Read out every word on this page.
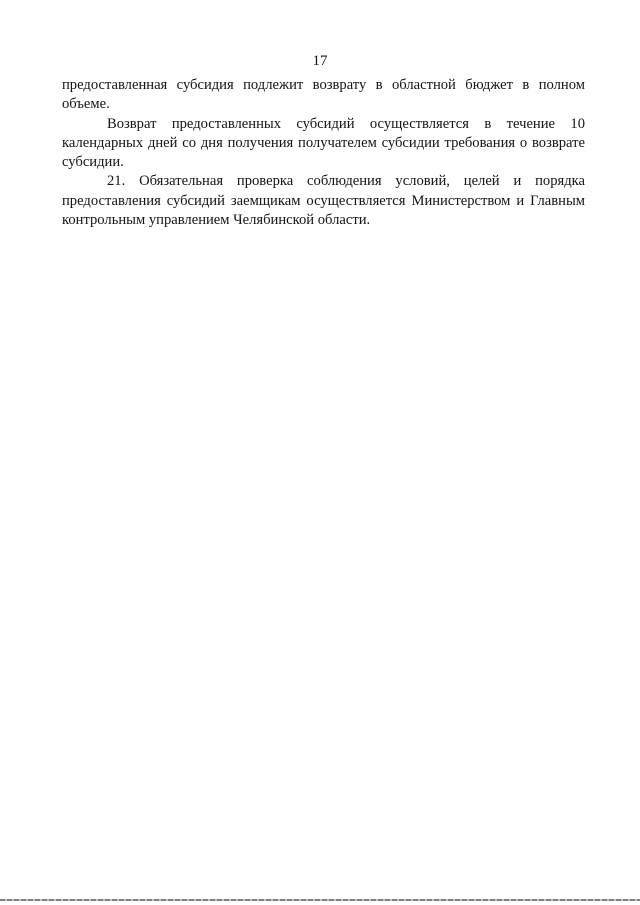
17

предоставленная субсидия подлежит возврату в областной бюджет в полном объеме.

Возврат предоставленных субсидий осуществляется в течение 10 календарных дней со дня получения получателем субсидии требования о возврате субсидии.

21. Обязательная проверка соблюдения условий, целей и порядка предоставления субсидий заемщикам осуществляется Министерством и Главным контрольным управлением Челябинской области.
